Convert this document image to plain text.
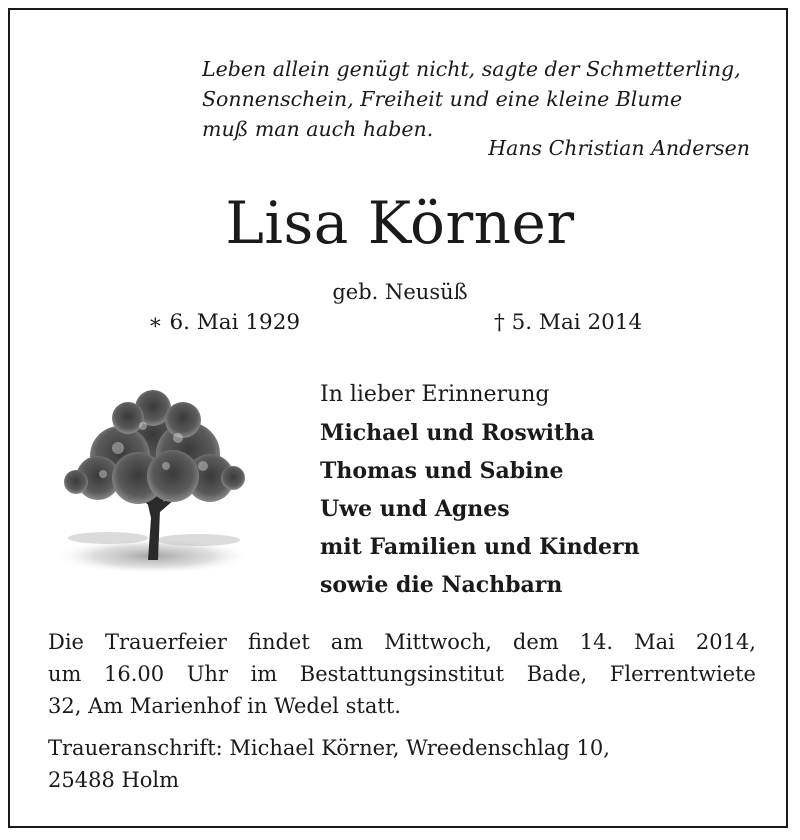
Leben allein genügt nicht, sagte der Schmetterling,
Sonnenschein, Freiheit und eine kleine Blume
muß man auch haben.
Hans Christian Andersen
Lisa Körner
geb. Neusüß
∗ 6. Mai 1929	† 5. Mai 2014
In lieber Erinnerung
Michael und Roswitha
Thomas und Sabine
Uwe und Agnes
mit Familien und Kindern
sowie die Nachbarn
Die Trauerfeier findet am Mittwoch, dem 14. Mai 2014,
um 16.00 Uhr im Bestattungsinstitut Bade, Flerrentwiete
32, Am Marienhof in Wedel statt.
Traueranschrift: Michael Körner, Wreedenschlag 10,
25488 Holm
